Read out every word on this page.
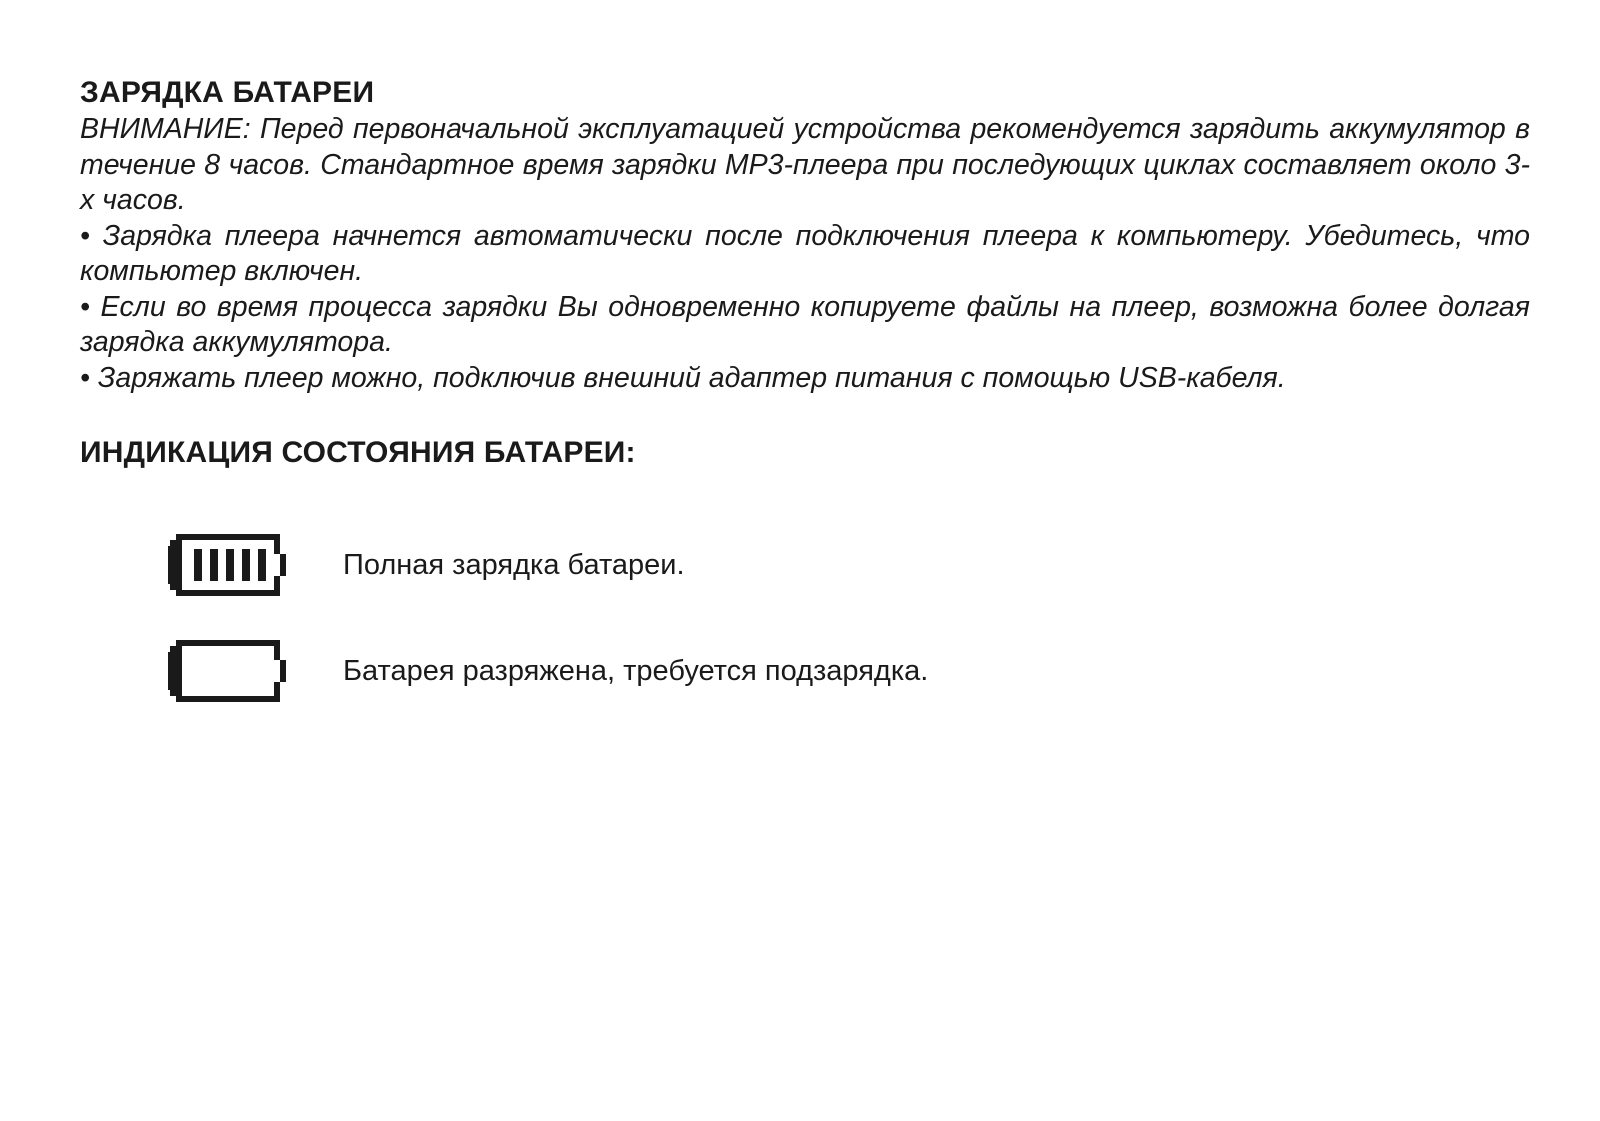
ЗАРЯДКА БАТАРЕИ

ВНИМАНИЕ: Перед первоначальной эксплуатацией устройства рекомендуется зарядить аккумулятор в течение 8 часов. Стандартное время зарядки MP3-плеера при последующих циклах составляет около 3-х часов.

• Зарядка плеера начнется автоматически после подключения плеера к компьютеру. Убедитесь, что компьютер включен.

• Если во время процесса зарядки Вы одновременно копируете файлы на плеер, возможна более долгая зарядка аккумулятора.

• Заряжать плеер можно, подключив внешний адаптер питания с помощью USB-кабеля.

ИНДИКАЦИЯ СОСТОЯНИЯ БАТАРЕИ:
Полная зарядка батареи.
Батарея разряжена, требуется подзарядка.
